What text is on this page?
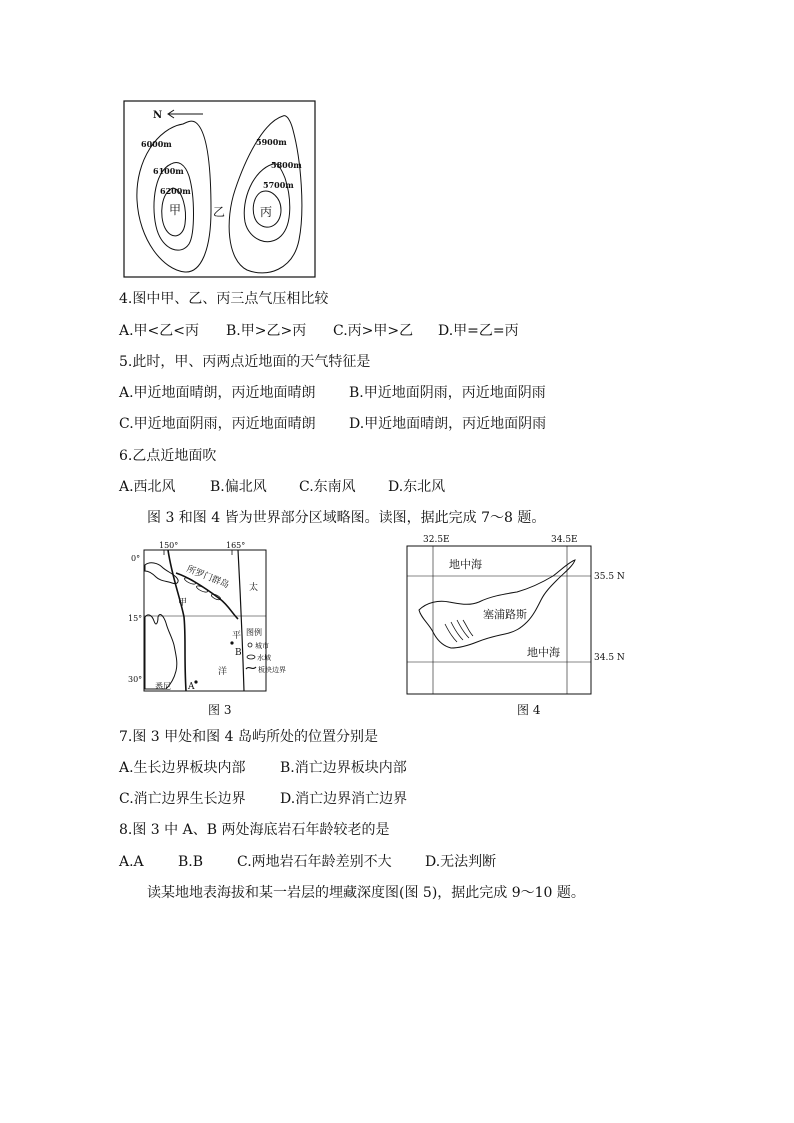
N
6000m
6100m
6200m
甲	乙
5900m
5800m
5700m
丙
4.图中甲、乙、丙三点气压相比较
A.甲<乙<丙 B.甲>乙>丙 C.丙>甲>乙 D.甲=乙=丙
5.此时，甲、丙两点近地面的天气特征是
A.甲近地面晴朗，丙近地面晴朗 B.甲近地面阴雨，丙近地面阴雨
C.甲近地面阴雨，丙近地面晴朗 D.甲近地面晴朗，丙近地面阴雨
6.乙点近地面吹
A.西北风 B.偏北风 C.东南风 D.东北风
图 3 和图 4 皆为世界部分区域略图。读图，据此完成 7～8 题。
150°	165°
0°
15°
30°
所罗门群岛
甲
太
平
洋
B
A
悉尼
图例
城市
水域
板块边界
图 3
32.5E	34.5E
35.5 N
34.5 N
地中海
地中海
塞浦路斯
图 4
7.图 3 甲处和图 4 岛屿所处的位置分别是
A.生长边界板块内部 B.消亡边界板块内部
C.消亡边界生长边界 D.消亡边界消亡边界
8.图 3 中 A、B 两处海底岩石年龄较老的是
A.A B.B C.两地岩石年龄差别不大 D.无法判断
读某地地表海拔和某一岩层的埋藏深度图(图 5)，据此完成 9～10 题。
